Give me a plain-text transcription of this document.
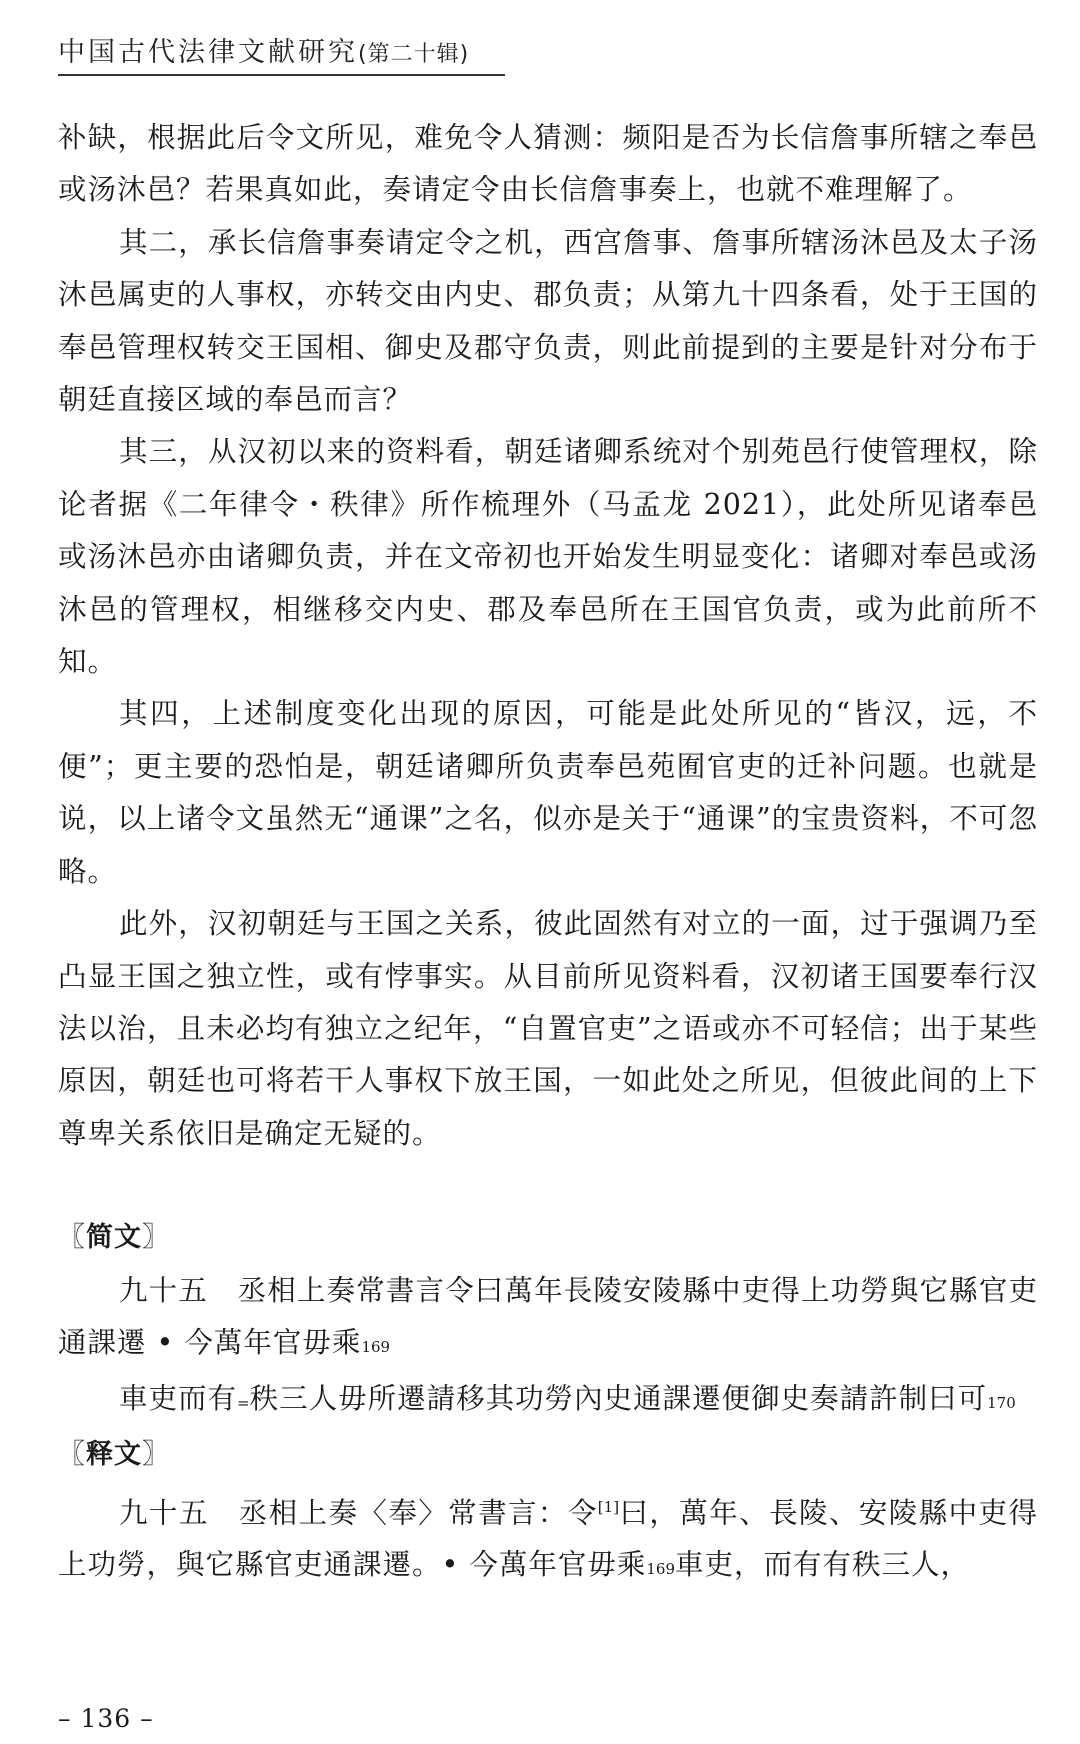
中国古代法律文献研究(第二十辑)

补缺，根据此后令文所见，难免令人猜测：频阳是否为长信詹事所辖之奉邑或汤沐邑？若果真如此，奏请定令由长信詹事奏上，也就不难理解了。

其二，承长信詹事奏请定令之机，西宫詹事、詹事所辖汤沐邑及太子汤沐邑属吏的人事权，亦转交由内史、郡负责；从第九十四条看，处于王国的奉邑管理权转交王国相、御史及郡守负责，则此前提到的主要是针对分布于朝廷直接区域的奉邑而言？

其三，从汉初以来的资料看，朝廷诸卿系统对个别苑邑行使管理权，除论者据《二年律令・秩律》所作梳理外（马孟龙 2021），此处所见诸奉邑或汤沐邑亦由诸卿负责，并在文帝初也开始发生明显变化：诸卿对奉邑或汤沐邑的管理权，相继移交内史、郡及奉邑所在王国官负责，或为此前所不知。

其四，上述制度变化出现的原因，可能是此处所见的“皆汉，远，不便”；更主要的恐怕是，朝廷诸卿所负责奉邑苑囿官吏的迁补问题。也就是说，以上诸令文虽然无“通课”之名，似亦是关于“通课”的宝贵资料，不可忽略。

此外，汉初朝廷与王国之关系，彼此固然有对立的一面，过于强调乃至凸显王国之独立性，或有悖事实。从目前所见资料看，汉初诸王国要奉行汉法以治，且未必均有独立之纪年，“自置官吏”之语或亦不可轻信；出于某些原因，朝廷也可将若干人事权下放王国，一如此处之所见，但彼此间的上下尊卑关系依旧是确定无疑的。

〖简文〗

九十五　丞相上奏常書言令曰萬年長陵安陵縣中吏得上功勞與它縣官吏通課遷 • 今萬年官毋乘169

車吏而有=秩三人毋所遷請移其功勞內史通課遷便御史奏請許制曰可170

〖释文〗

九十五　丞相上奏〈奉〉常書言：令[1]曰，萬年、長陵、安陵縣中吏得上功勞，與它縣官吏通課遷。• 今萬年官毋乘169車吏，而有有秩三人，

– 136 –
